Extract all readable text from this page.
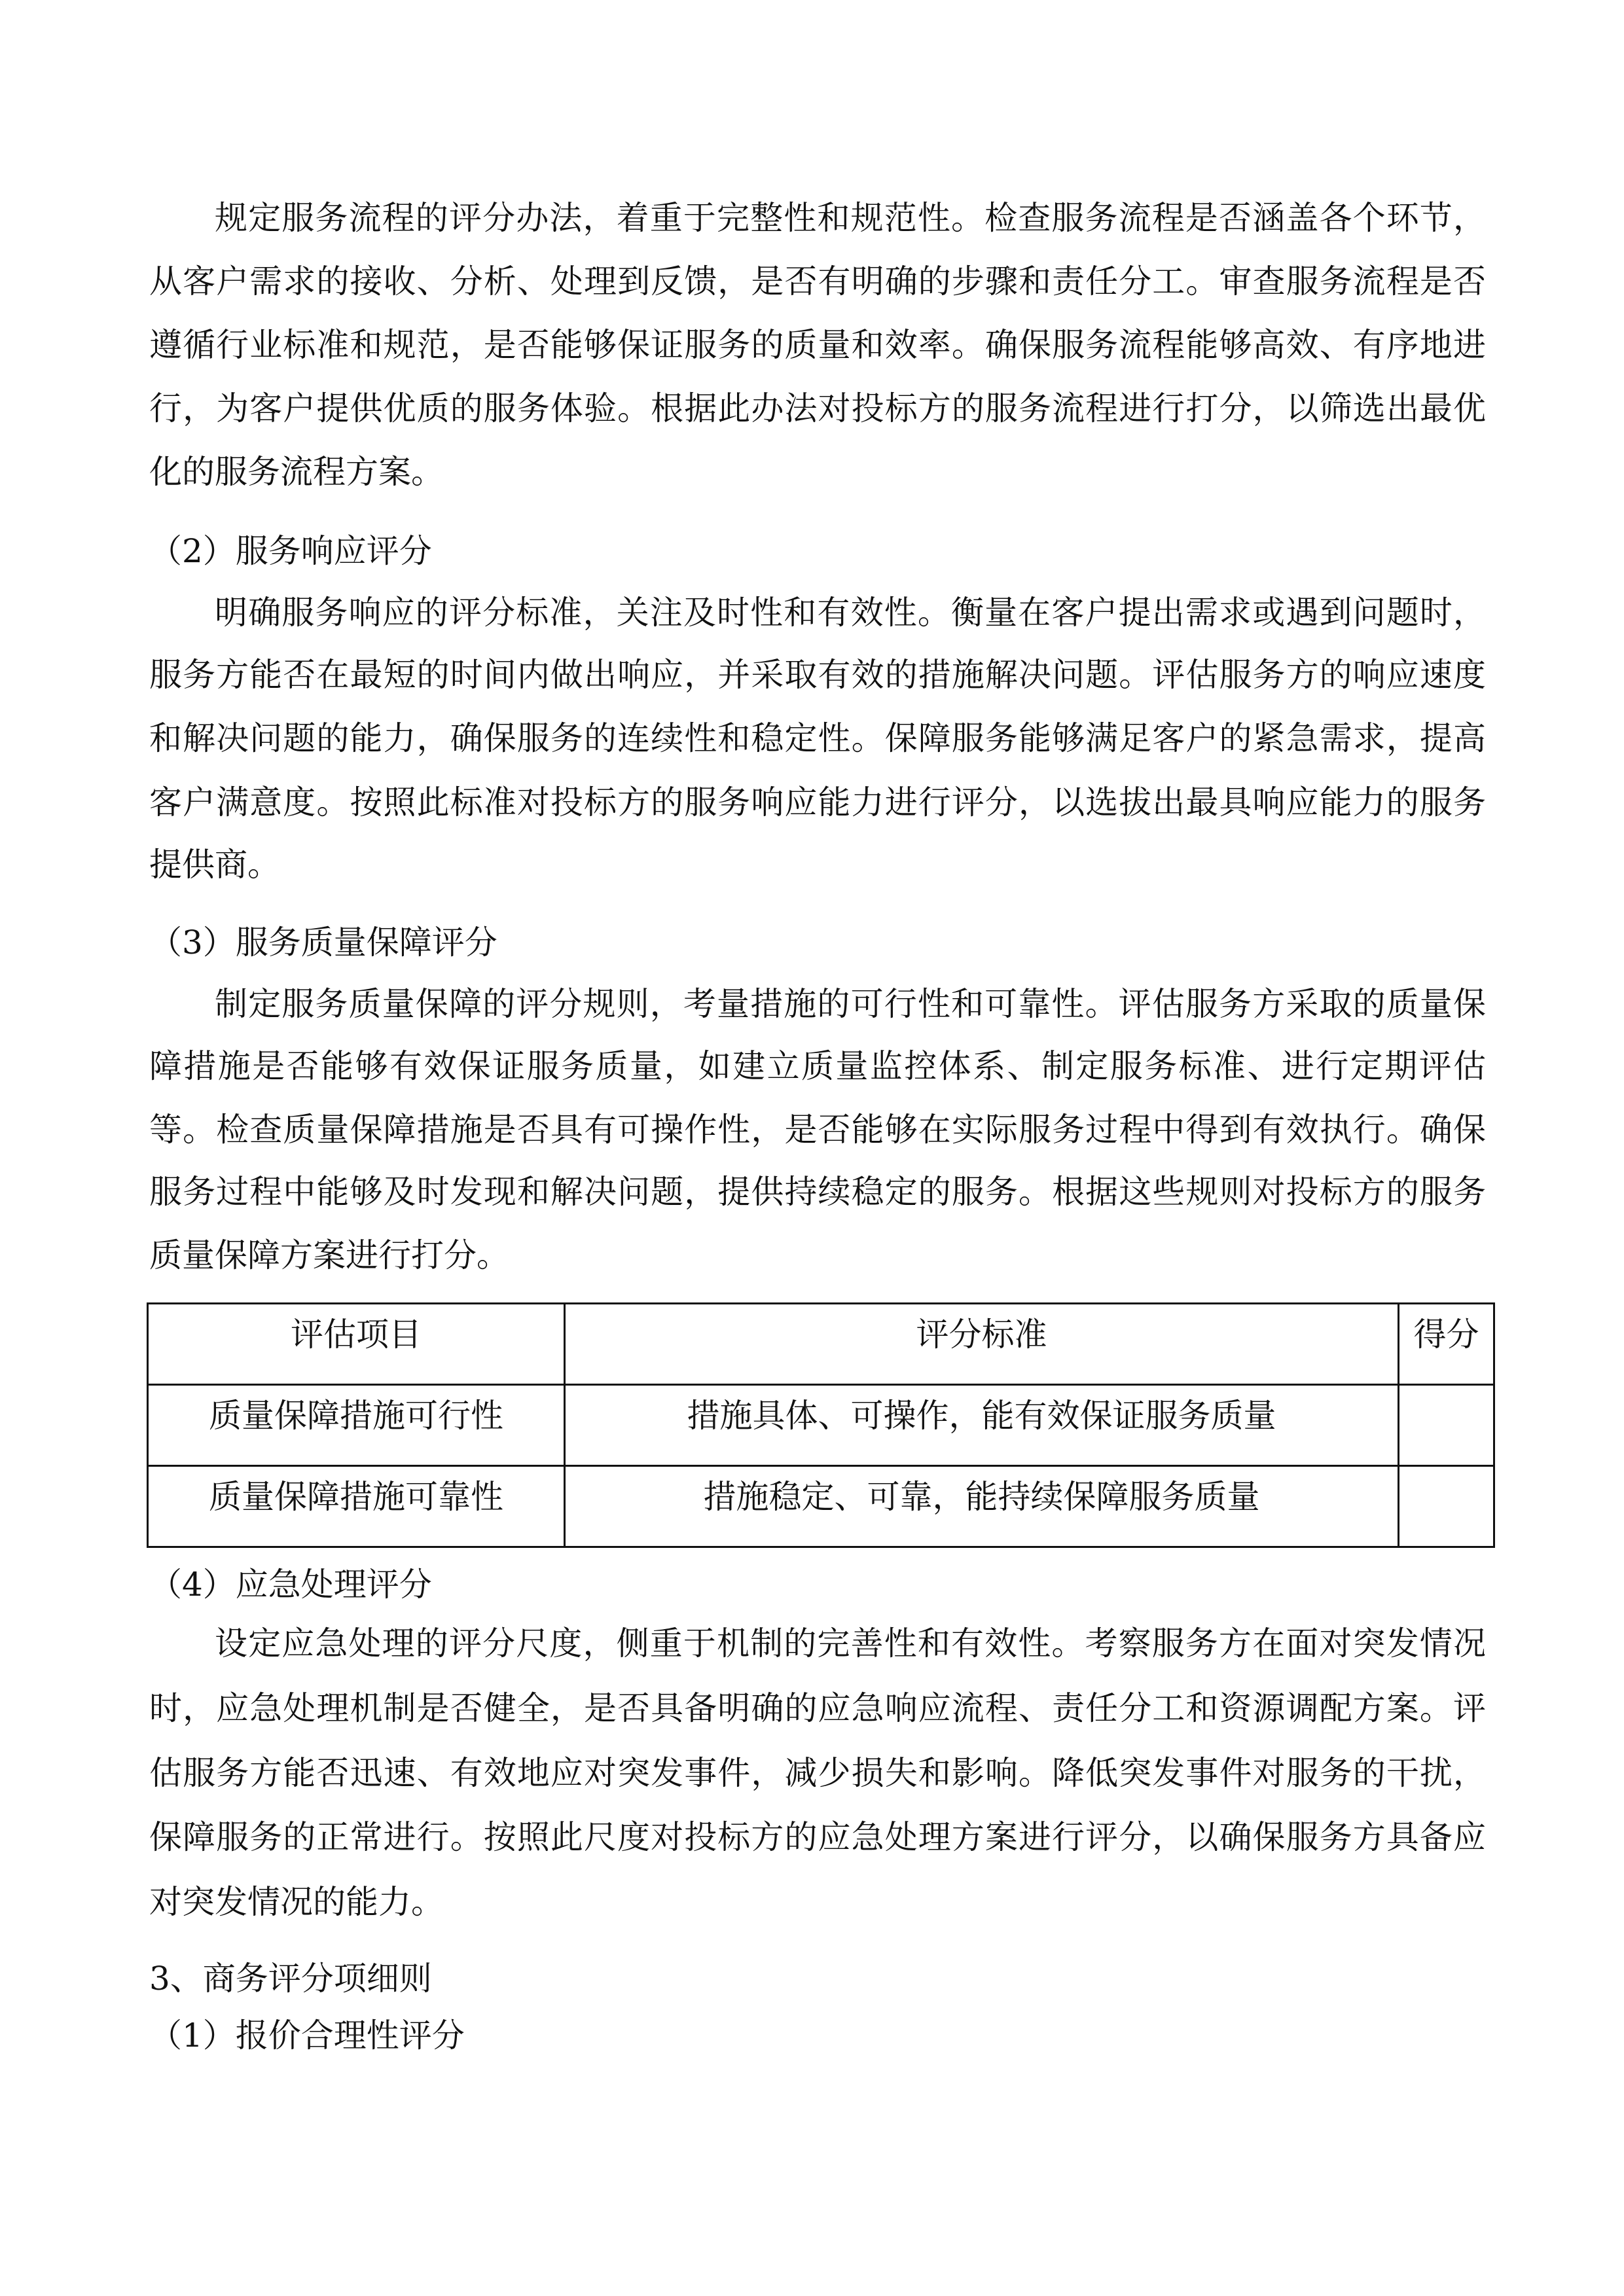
规定服务流程的评分办法，着重于完整性和规范性。检查服务流程是否涵盖各个环节，
从客户需求的接收、分析、处理到反馈，是否有明确的步骤和责任分工。审查服务流程是否
遵循行业标准和规范，是否能够保证服务的质量和效率。确保服务流程能够高效、有序地进
行，为客户提供优质的服务体验。根据此办法对投标方的服务流程进行打分，以筛选出最优
化的服务流程方案。
（2）服务响应评分
明确服务响应的评分标准，关注及时性和有效性。衡量在客户提出需求或遇到问题时，
服务方能否在最短的时间内做出响应，并采取有效的措施解决问题。评估服务方的响应速度
和解决问题的能力，确保服务的连续性和稳定性。保障服务能够满足客户的紧急需求，提高
客户满意度。按照此标准对投标方的服务响应能力进行评分，以选拔出最具响应能力的服务
提供商。
（3）服务质量保障评分
制定服务质量保障的评分规则，考量措施的可行性和可靠性。评估服务方采取的质量保
障措施是否能够有效保证服务质量，如建立质量监控体系、制定服务标准、进行定期评估
等。检查质量保障措施是否具有可操作性，是否能够在实际服务过程中得到有效执行。确保
服务过程中能够及时发现和解决问题，提供持续稳定的服务。根据这些规则对投标方的服务
质量保障方案进行打分。
（4）应急处理评分
设定应急处理的评分尺度，侧重于机制的完善性和有效性。考察服务方在面对突发情况
时，应急处理机制是否健全，是否具备明确的应急响应流程、责任分工和资源调配方案。评
估服务方能否迅速、有效地应对突发事件，减少损失和影响。降低突发事件对服务的干扰，
保障服务的正常进行。按照此尺度对投标方的应急处理方案进行评分，以确保服务方具备应
对突发情况的能力。
3、商务评分项细则
（1）报价合理性评分
评估项目	评分标准	得分
质量保障措施可行性	措施具体、可操作，能有效保证服务质量	
质量保障措施可靠性	措施稳定、可靠，能持续保障服务质量	
